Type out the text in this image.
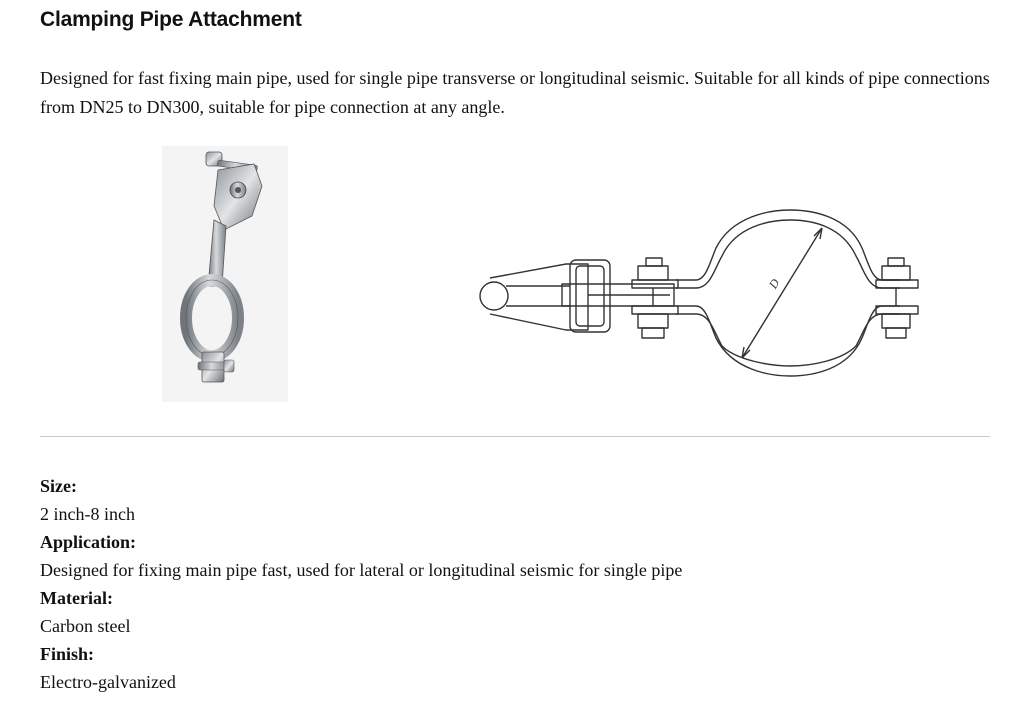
Clamping Pipe Attachment

Designed for fast fixing main pipe, used for single pipe transverse or longitudinal seismic. Suitable for all kinds of pipe connections from DN25 to DN300, suitable for pipe connection at any angle.

D
Size:
2 inch-8 inch
Application:
Designed for fixing main pipe fast, used for lateral or longitudinal seismic for single pipe
Material:
Carbon steel
Finish:
Electro-galvanized
